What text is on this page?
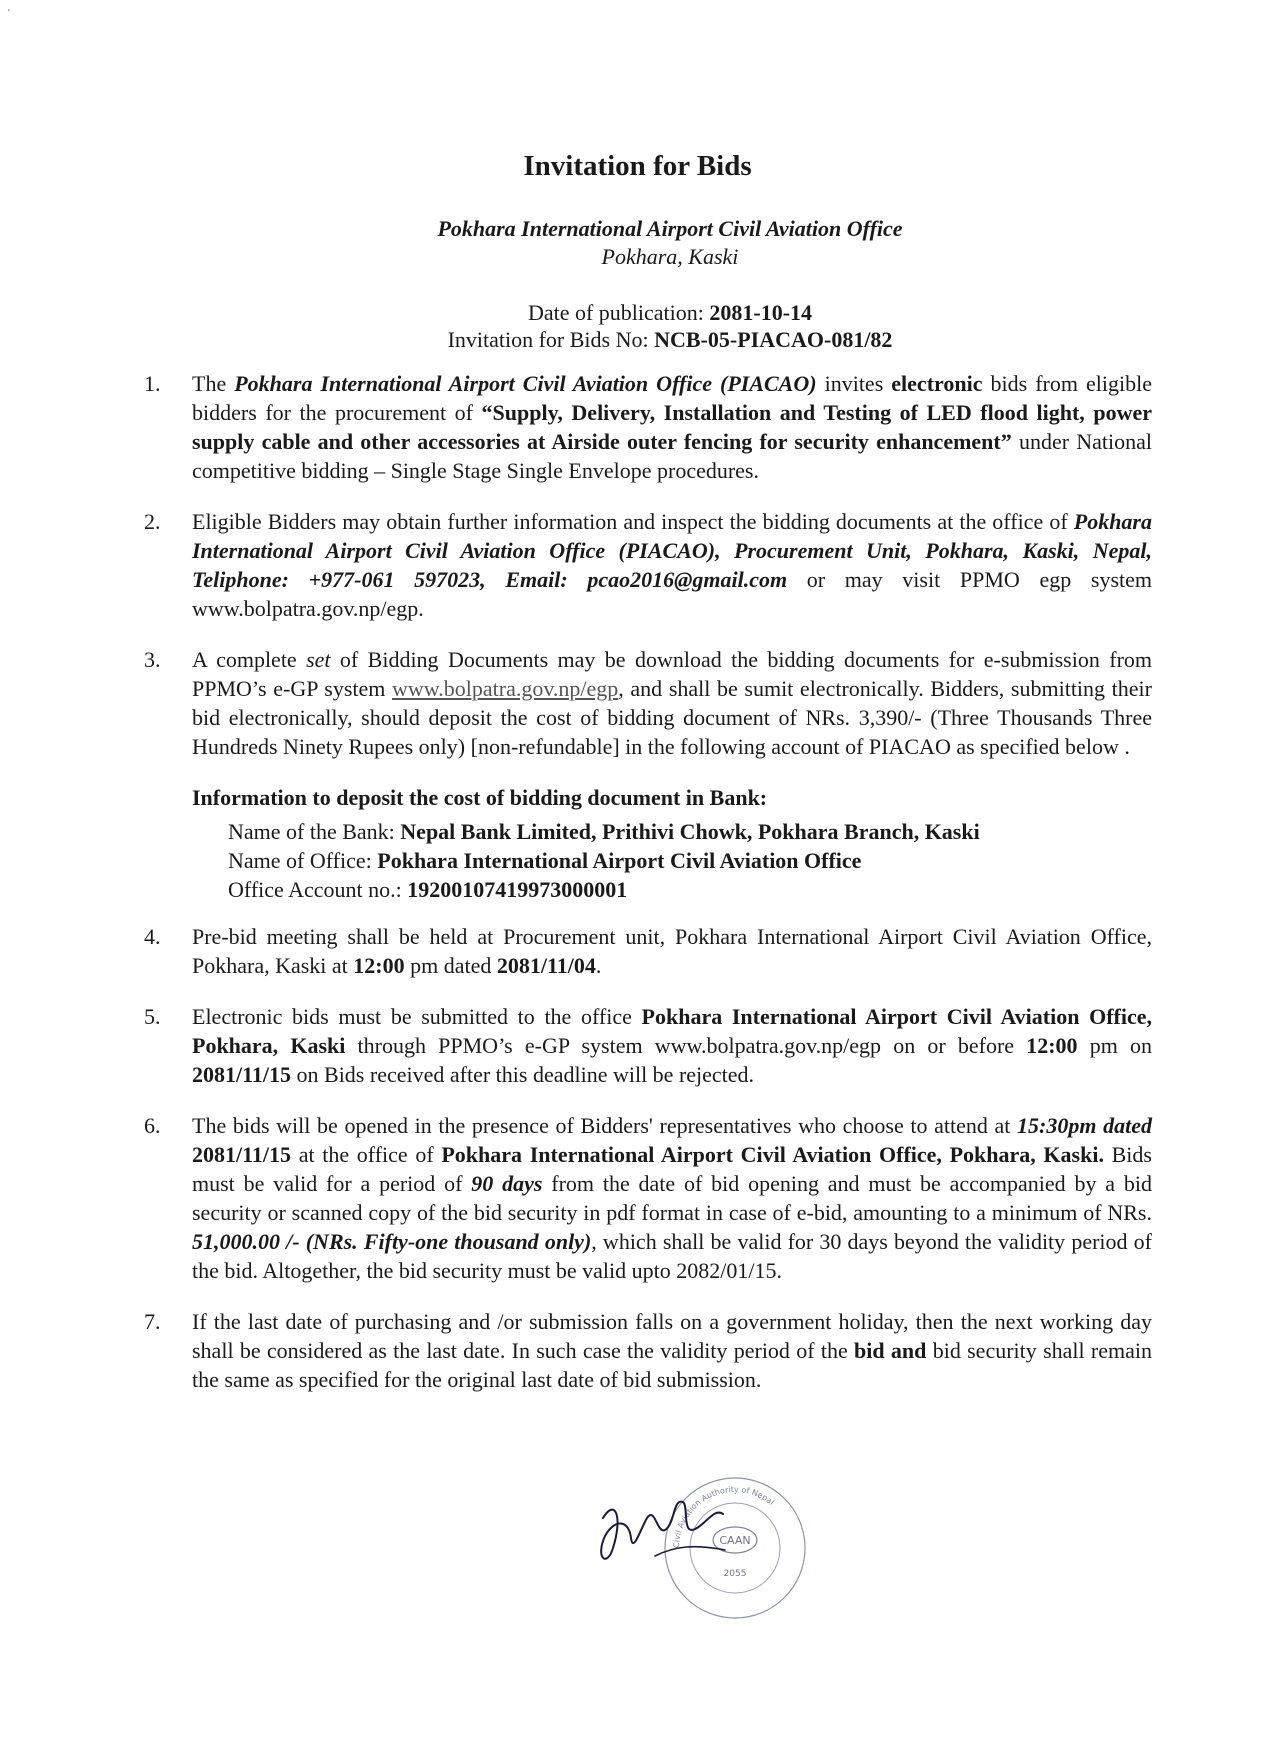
'
Invitation for Bids
Pokhara International Airport Civil Aviation Office
Pokhara, Kaski
Date of publication: 2081-10-14
Invitation for Bids No: NCB-05-PIACAO-081/82
1. The Pokhara International Airport Civil Aviation Office (PIACAO) invites electronic bids from eligible bidders for the procurement of “Supply, Delivery, Installation and Testing of LED flood light, power supply cable and other accessories at Airside outer fencing for security enhancement” under National competitive bidding – Single Stage Single Envelope procedures.
2. Eligible Bidders may obtain further information and inspect the bidding documents at the office of Pokhara International Airport Civil Aviation Office (PIACAO), Procurement Unit, Pokhara, Kaski, Nepal, Teliphone: +977-061 597023, Email: pcao2016@gmail.com or may visit PPMO egp system www.bolpatra.gov.np/egp.
3. A complete set of Bidding Documents may be download the bidding documents for e-submission from PPMO’s e-GP system www.bolpatra.gov.np/egp, and shall be sumit electronically. Bidders, submitting their bid electronically, should deposit the cost of bidding document of NRs. 3,390/- (Three Thousands Three Hundreds Ninety Rupees only) [non-refundable] in the following account of PIACAO as specified below .
Information to deposit the cost of bidding document in Bank:
Name of the Bank: Nepal Bank Limited, Prithivi Chowk, Pokhara Branch, Kaski
Name of Office: Pokhara International Airport Civil Aviation Office
Office Account no.: 19200107419973000001
4. Pre-bid meeting shall be held at Procurement unit, Pokhara International Airport Civil Aviation Office, Pokhara, Kaski at 12:00 pm dated 2081/11/04.
5. Electronic bids must be submitted to the office Pokhara International Airport Civil Aviation Office, Pokhara, Kaski through PPMO’s e-GP system www.bolpatra.gov.np/egp on or before 12:00 pm on 2081/11/15 on Bids received after this deadline will be rejected.
6. The bids will be opened in the presence of Bidders' representatives who choose to attend at 15:30pm dated 2081/11/15 at the office of Pokhara International Airport Civil Aviation Office, Pokhara, Kaski. Bids must be valid for a period of 90 days from the date of bid opening and must be accompanied by a bid security or scanned copy of the bid security in pdf format in case of e-bid, amounting to a minimum of NRs. 51,000.00 /- (NRs. Fifty-one thousand only), which shall be valid for 30 days beyond the validity period of the bid. Altogether, the bid security must be valid upto 2082/01/15.
7. If the last date of purchasing and /or submission falls on a government holiday, then the next working day shall be considered as the last date. In such case the validity period of the bid and bid security shall remain the same as specified for the original last date of bid submission.
Civil Aviation Authority of Nepal
CAAN
2055
